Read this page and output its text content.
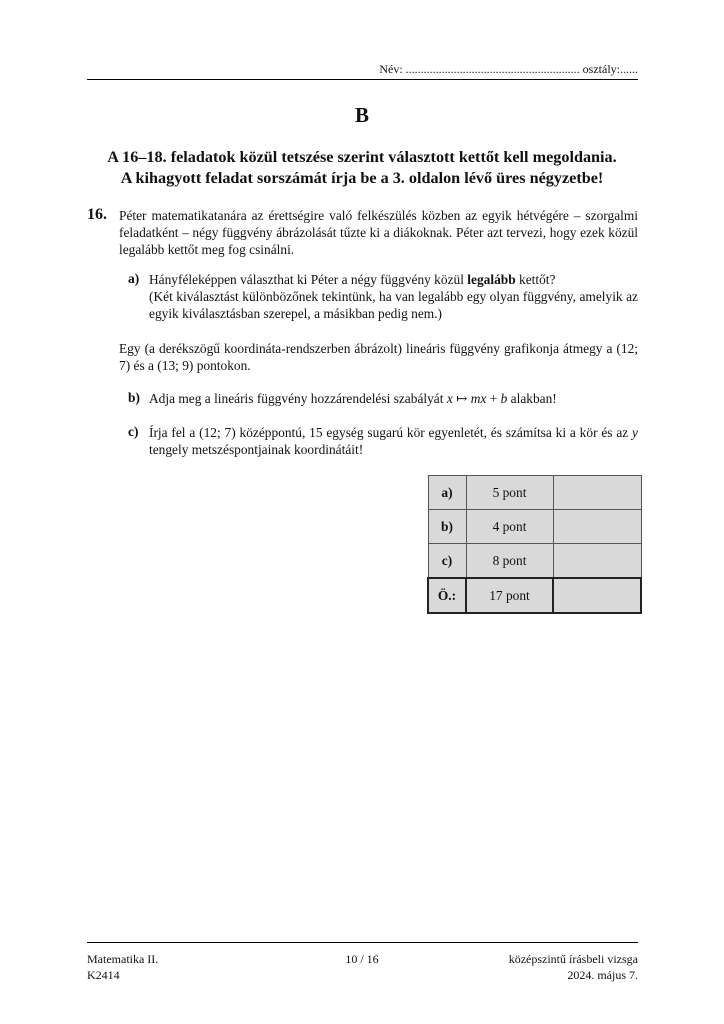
Név: .......................................................... osztály:......
B
A 16–18. feladatok közül tetszése szerint választott kettőt kell megoldania.
A kihagyott feladat sorszámát írja be a 3. oldalon lévő üres négyzetbe!
16. Péter matematikatanára az érettségire való felkészülés közben az egyik hétvégére – szorgalmi feladatként – négy függvény ábrázolását tűzte ki a diákoknak. Péter azt tervezi, hogy ezek közül legalább kettőt meg fog csinálni.
a) Hányféleképpen választhat ki Péter a négy függvény közül legalább kettőt?
(Két kiválasztást különbözőnek tekintünk, ha van legalább egy olyan függvény, amelyik az egyik kiválasztásban szerepel, a másikban pedig nem.)
Egy (a derékszögű koordináta-rendszerben ábrázolt) lineáris függvény grafikonja átmegy a (12; 7) és a (13; 9) pontokon.
b) Adja meg a lineáris függvény hozzárendelési szabályát x ↦ mx + b alakban!
c) Írja fel a (12; 7) középpontú, 15 egység sugarú kör egyenletét, és számítsa ki a kör és az y tengely metszéspontjainak koordinátáit!
a)	5 pont	
b)	4 pont	
c)	8 pont	
Ö.:	17 pont	
Matematika II.
K2414
10 / 16	középszintű írásbeli vizsga
2024. május 7.
